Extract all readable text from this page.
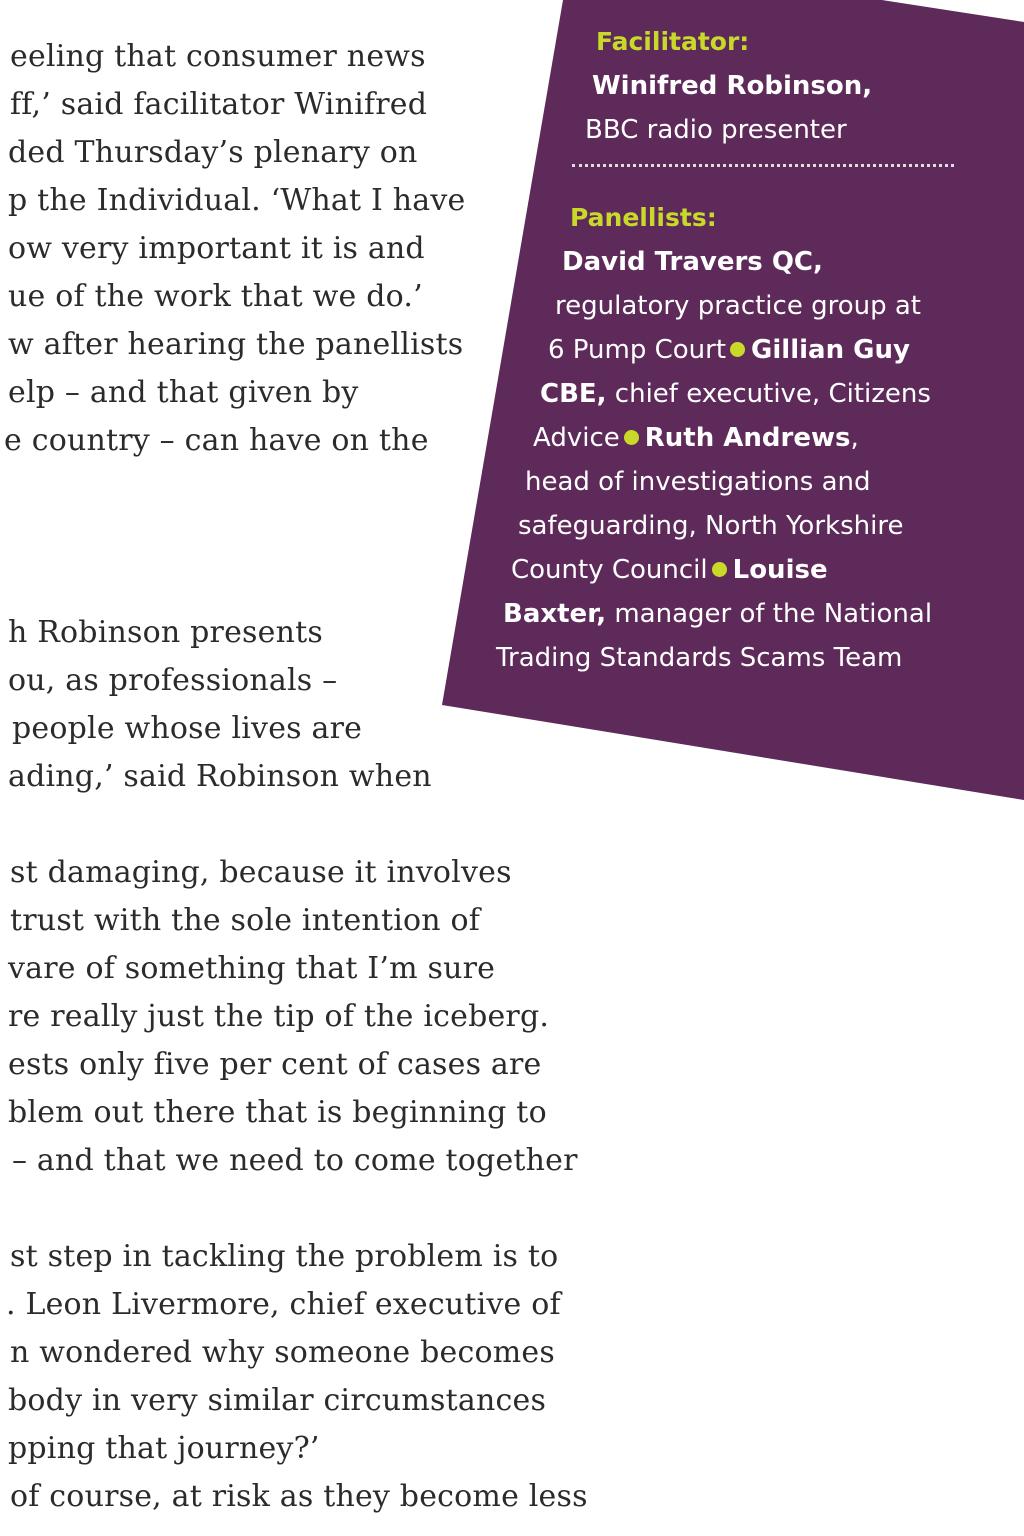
eeling that consumer news
ff,’ said facilitator Winifred
ded Thursday’s plenary on
p the Individual. ‘What I have
ow very important it is and
ue of the work that we do.’
w after hearing the panellists
elp – and that given by
e country – can have on the
h Robinson presents
ou, as professionals –
people whose lives are
ading,’ said Robinson when
st damaging, because it involves
trust with the sole intention of
vare of something that I’m sure
re really just the tip of the iceberg.
ests only five per cent of cases are
blem out there that is beginning to
– and that we need to come together
st step in tackling the problem is to
. Leon Livermore, chief executive of
n wondered why someone becomes
body in very similar circumstances
pping that journey?’
of course, at risk as they become less
Facilitator:
Winifred Robinson,
BBC radio presenter
Panellists:
David Travers QC,
regulatory practice group at
6 Pump Court Gillian Guy
CBE, chief executive, Citizens
Advice Ruth Andrews,
head of investigations and
safeguarding, North Yorkshire
County Council Louise
Baxter, manager of the National
Trading Standards Scams Team
